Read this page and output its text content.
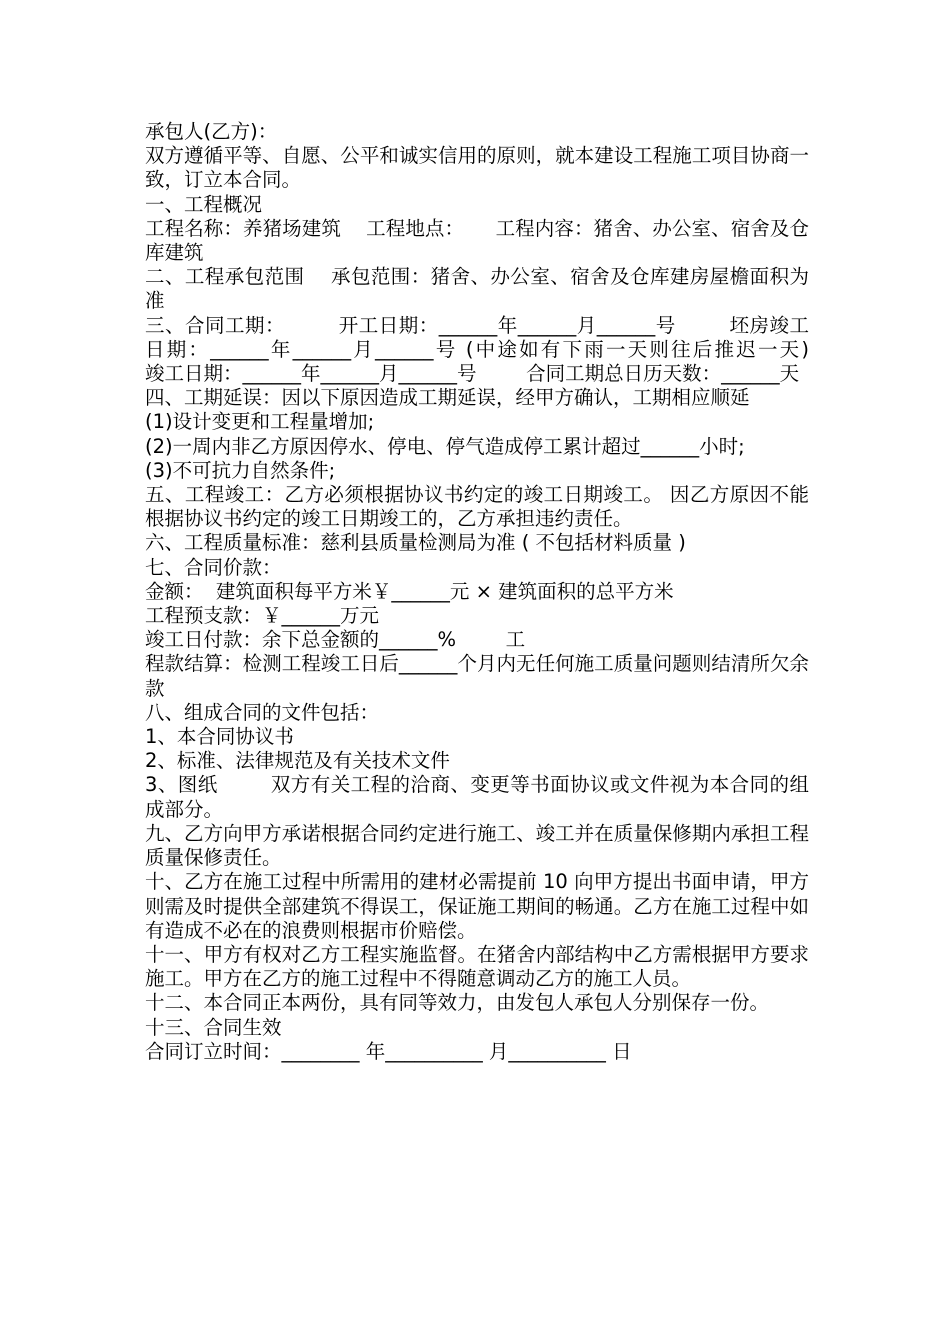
承包人(乙方)：

双方遵循平等、自愿、公平和诚实信用的原则，就本建设工程施工项目协商一致，订立本合同。

一、工程概况

工程名称：养猪场建筑    工程地点：     工程内容：猪舍、办公室、宿舍及仓库建筑

二、工程承包范围    承包范围：猪舍、办公室、宿舍及仓库建房屋檐面积为准

三、合同工期：        开工日期：______年______月______号        坯房竣工日期：______年______月______号 (中途如有下雨一天则往后推迟一天)        竣工日期：______年______月______号        合同工期总日历天数：______天

四、工期延误：因以下原因造成工期延误，经甲方确认，工期相应顺延

(1)设计变更和工程量增加;

(2)一周内非乙方原因停水、停电、停气造成停工累计超过______小时;

(3)不可抗力自然条件;

五、工程竣工：乙方必须根据协议书约定的竣工日期竣工。 因乙方原因不能根据协议书约定的竣工日期竣工的，乙方承担违约责任。

六、工程质量标准：慈利县质量检测局为准 ( 不包括材料质量 )

七、合同价款：

金额：  建筑面积每平方米￥______元 × 建筑面积的总平方米

工程预支款：￥______万元

竣工日付款：余下总金额的______%        工

程款结算：检测工程竣工日后______个月内无任何施工质量问题则结清所欠余款

八、组成合同的文件包括：

1、本合同协议书

2、标准、法律规范及有关技术文件

3、图纸        双方有关工程的洽商、变更等书面协议或文件视为本合同的组成部分。

九、乙方向甲方承诺根据合同约定进行施工、竣工并在质量保修期内承担工程质量保修责任。

十、乙方在施工过程中所需用的建材必需提前 10 向甲方提出书面申请，甲方则需及时提供全部建筑不得误工，保证施工期间的畅通。乙方在施工过程中如有造成不必在的浪费则根据市价赔偿。

十一、甲方有权对乙方工程实施监督。在猪舍内部结构中乙方需根据甲方要求施工。甲方在乙方的施工过程中不得随意调动乙方的施工人员。

十二、本合同正本两份，具有同等效力，由发包人承包人分别保存一份。

十三、合同生效

合同订立时间：________ 年__________ 月__________ 日
